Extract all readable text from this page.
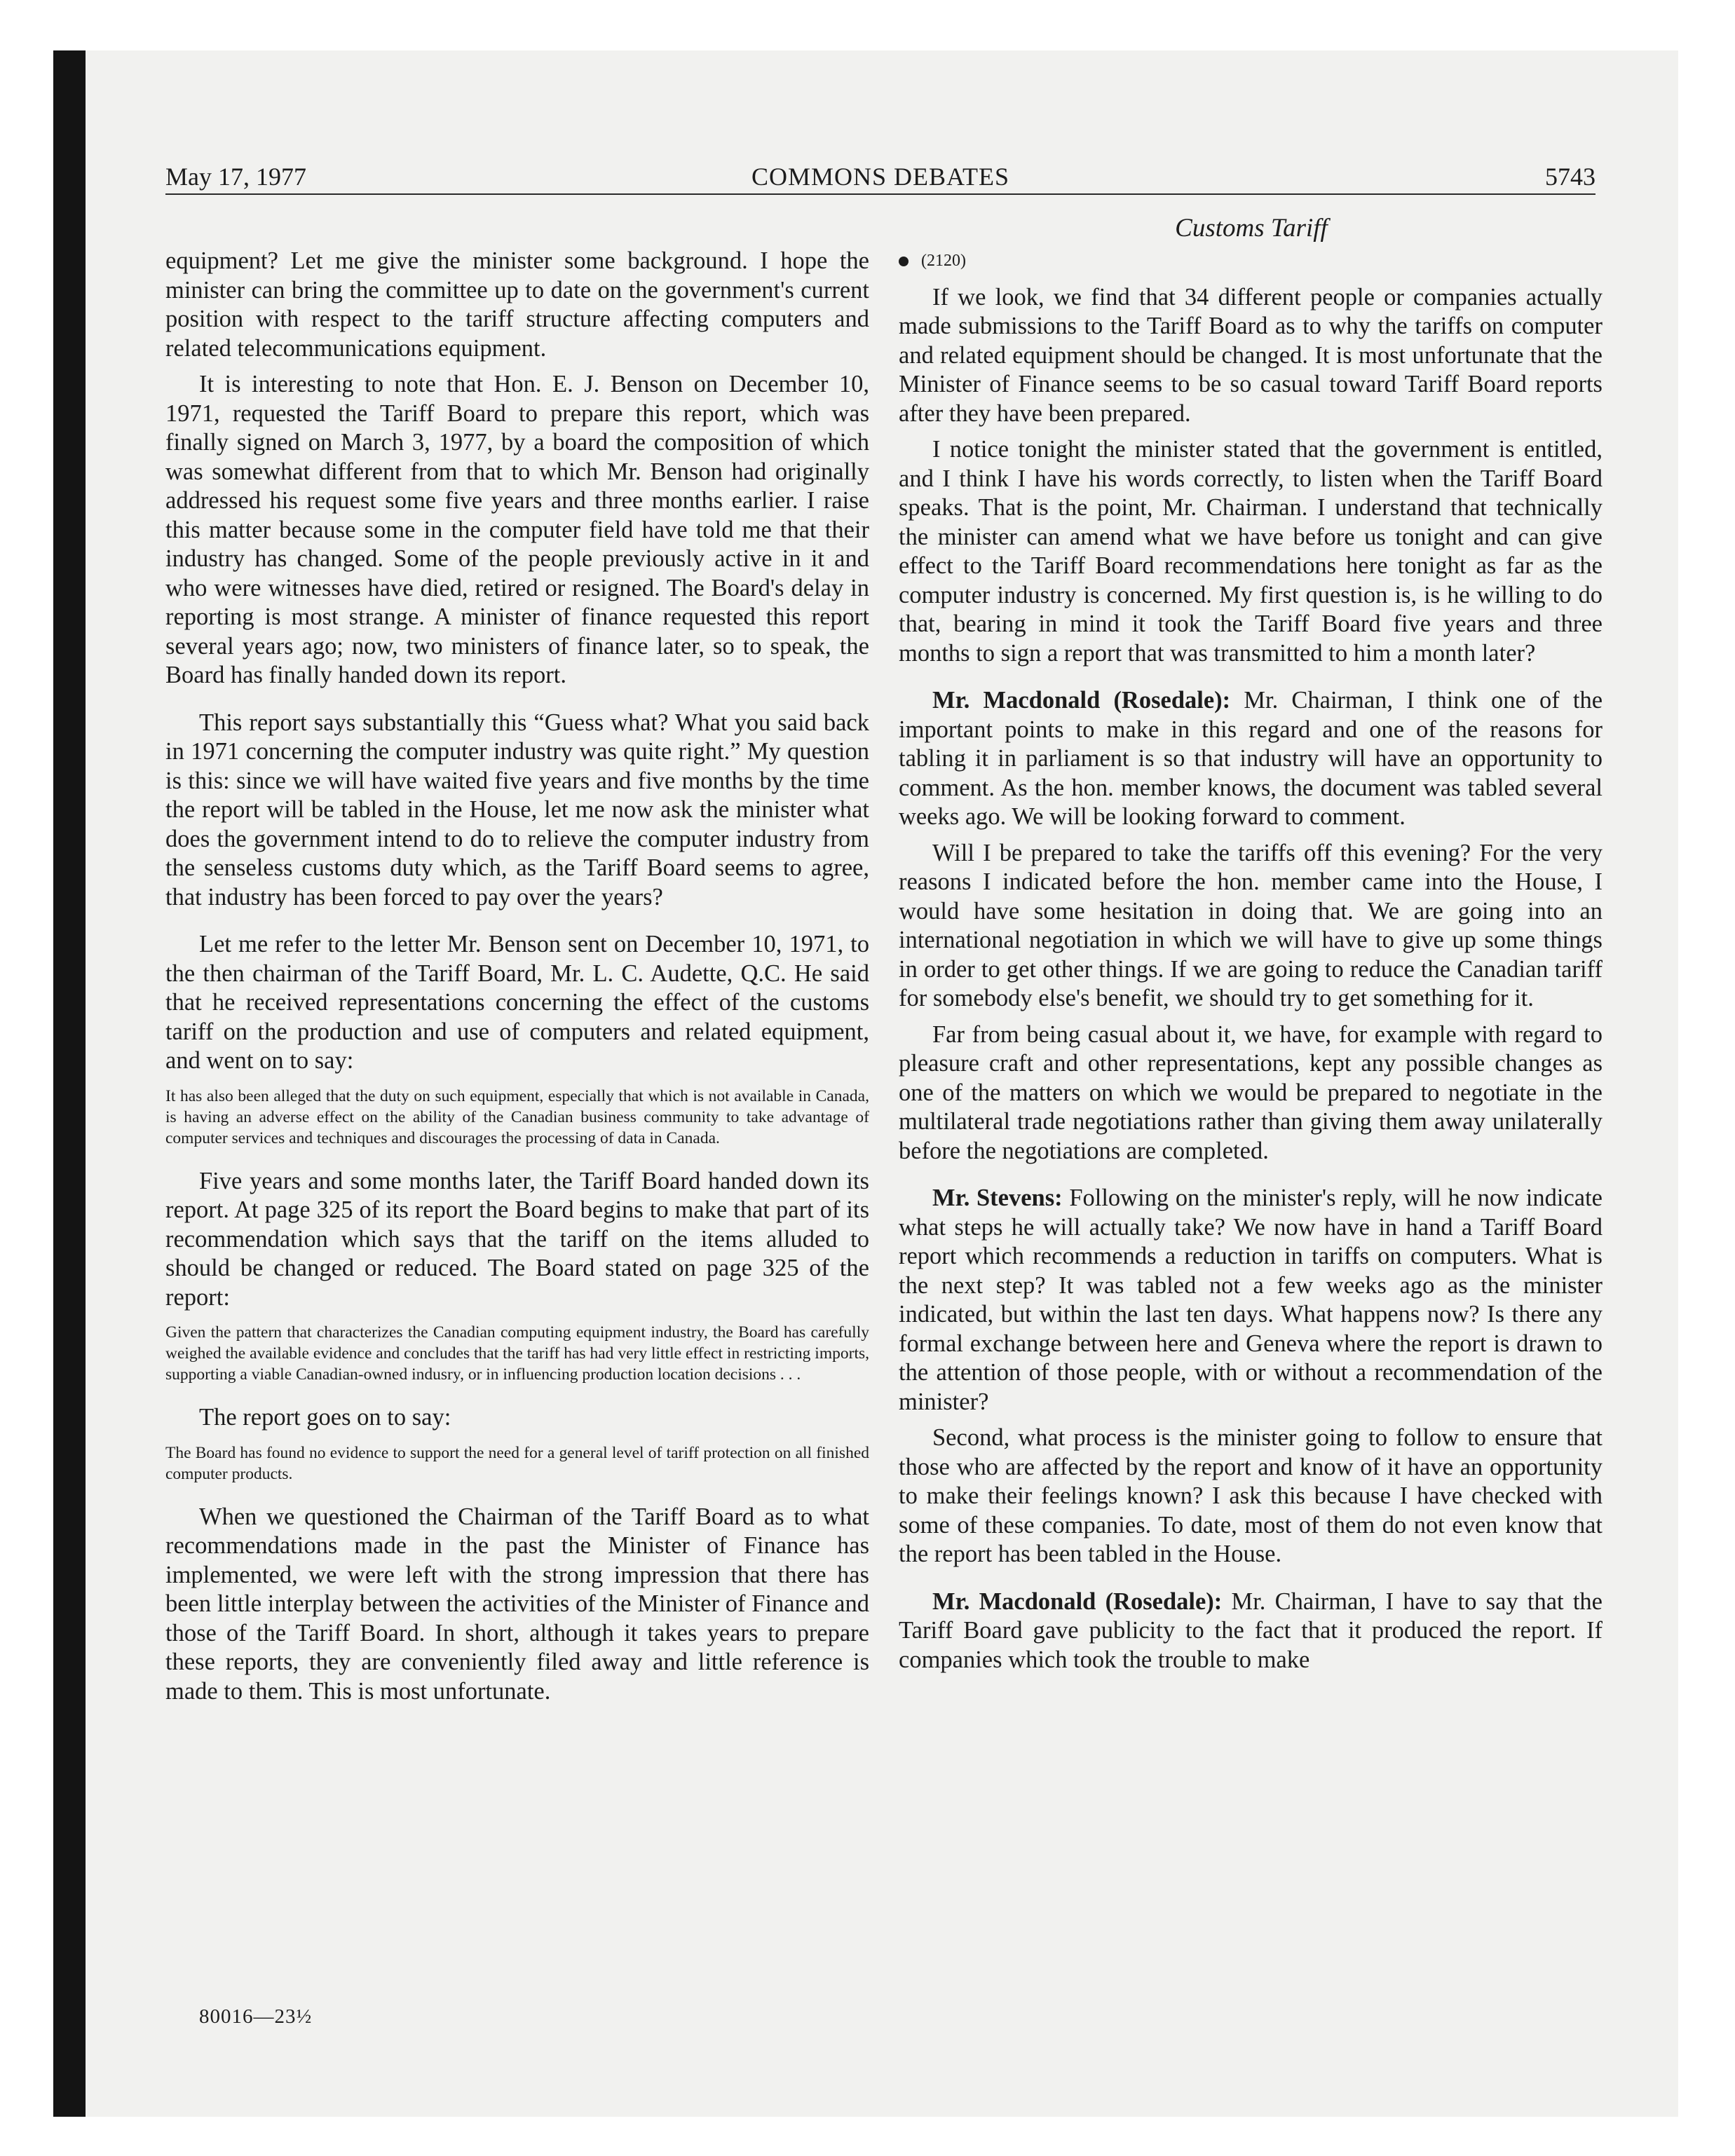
May 17, 1977	COMMONS DEBATES	5743
Customs Tariff

equipment? Let me give the minister some background. I hope the minister can bring the committee up to date on the government's current position with respect to the tariff structure affecting computers and related telecommunications equipment.

It is interesting to note that Hon. E. J. Benson on December 10, 1971, requested the Tariff Board to prepare this report, which was finally signed on March 3, 1977, by a board the composition of which was somewhat different from that to which Mr. Benson had originally addressed his request some five years and three months earlier. I raise this matter because some in the computer field have told me that their industry has changed. Some of the people previously active in it and who were witnesses have died, retired or resigned. The Board's delay in reporting is most strange. A minister of finance requested this report several years ago; now, two ministers of finance later, so to speak, the Board has finally handed down its report.

This report says substantially this “Guess what? What you said back in 1971 concerning the computer industry was quite right.” My question is this: since we will have waited five years and five months by the time the report will be tabled in the House, let me now ask the minister what does the government intend to do to relieve the computer industry from the senseless customs duty which, as the Tariff Board seems to agree, that industry has been forced to pay over the years?

Let me refer to the letter Mr. Benson sent on December 10, 1971, to the then chairman of the Tariff Board, Mr. L. C. Audette, Q.C. He said that he received representations concerning the effect of the customs tariff on the production and use of computers and related equipment, and went on to say:

It has also been alleged that the duty on such equipment, especially that which is not available in Canada, is having an adverse effect on the ability of the Canadian business community to take advantage of computer services and techniques and discourages the processing of data in Canada.

Five years and some months later, the Tariff Board handed down its report. At page 325 of its report the Board begins to make that part of its recommendation which says that the tariff on the items alluded to should be changed or reduced. The Board stated on page 325 of the report:

Given the pattern that characterizes the Canadian computing equipment industry, the Board has carefully weighed the available evidence and concludes that the tariff has had very little effect in restricting imports, supporting a viable Canadian-owned indusry, or in influencing production location decisions . . .

The report goes on to say:

The Board has found no evidence to support the need for a general level of tariff protection on all finished computer products.

When we questioned the Chairman of the Tariff Board as to what recommendations made in the past the Minister of Finance has implemented, we were left with the strong impression that there has been little interplay between the activities of the Minister of Finance and those of the Tariff Board. In short, although it takes years to prepare these reports, they are conveniently filed away and little reference is made to them. This is most unfortunate.

(2120)

If we look, we find that 34 different people or companies actually made submissions to the Tariff Board as to why the tariffs on computer and related equipment should be changed. It is most unfortunate that the Minister of Finance seems to be so casual toward Tariff Board reports after they have been prepared.

I notice tonight the minister stated that the government is entitled, and I think I have his words correctly, to listen when the Tariff Board speaks. That is the point, Mr. Chairman. I understand that technically the minister can amend what we have before us tonight and can give effect to the Tariff Board recommendations here tonight as far as the computer industry is concerned. My first question is, is he willing to do that, bearing in mind it took the Tariff Board five years and three months to sign a report that was transmitted to him a month later?

Mr. Macdonald (Rosedale): Mr. Chairman, I think one of the important points to make in this regard and one of the reasons for tabling it in parliament is so that industry will have an opportunity to comment. As the hon. member knows, the document was tabled several weeks ago. We will be looking forward to comment.

Will I be prepared to take the tariffs off this evening? For the very reasons I indicated before the hon. member came into the House, I would have some hesitation in doing that. We are going into an international negotiation in which we will have to give up some things in order to get other things. If we are going to reduce the Canadian tariff for somebody else's benefit, we should try to get something for it.

Far from being casual about it, we have, for example with regard to pleasure craft and other representations, kept any possible changes as one of the matters on which we would be prepared to negotiate in the multilateral trade negotiations rather than giving them away unilaterally before the negotiations are completed.

Mr. Stevens: Following on the minister's reply, will he now indicate what steps he will actually take? We now have in hand a Tariff Board report which recommends a reduction in tariffs on computers. What is the next step? It was tabled not a few weeks ago as the minister indicated, but within the last ten days. What happens now? Is there any formal exchange between here and Geneva where the report is drawn to the attention of those people, with or without a recommendation of the minister?

Second, what process is the minister going to follow to ensure that those who are affected by the report and know of it have an opportunity to make their feelings known? I ask this because I have checked with some of these companies. To date, most of them do not even know that the report has been tabled in the House.

Mr. Macdonald (Rosedale): Mr. Chairman, I have to say that the Tariff Board gave publicity to the fact that it produced the report. If companies which took the trouble to make

80016—23½
